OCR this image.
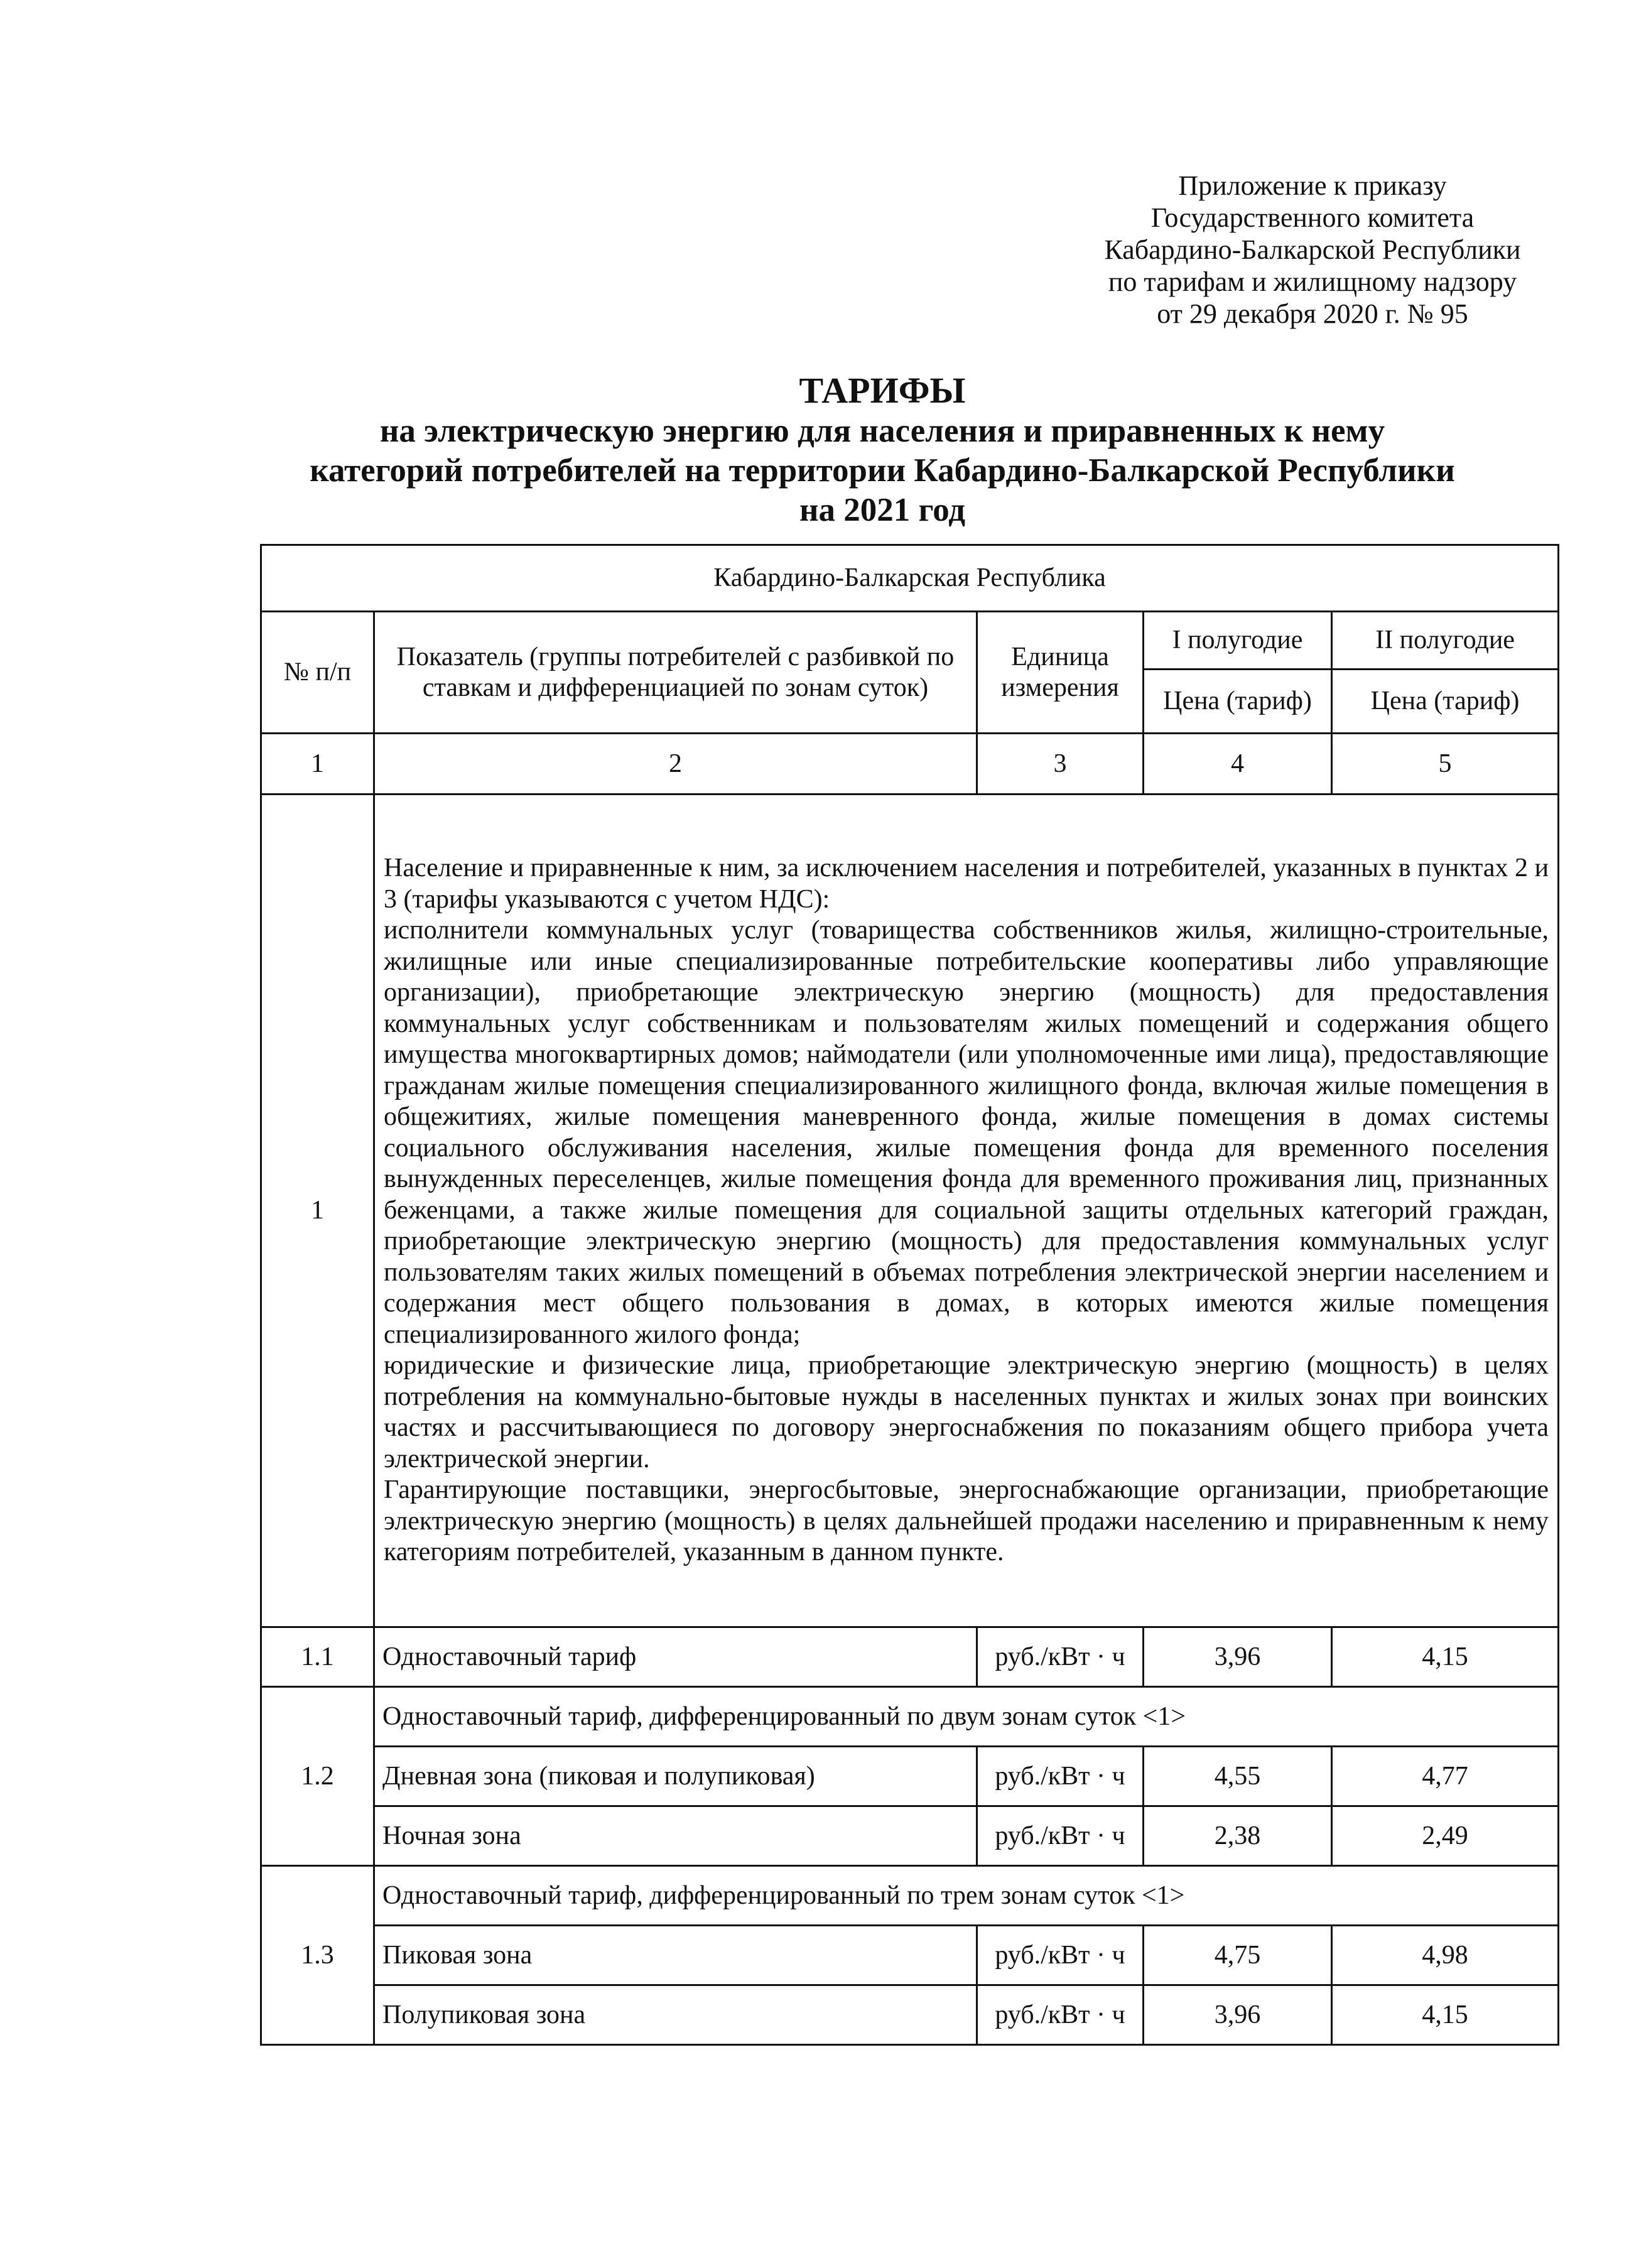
Приложение к приказу
Государственного комитета
Кабардино-Балкарской Республики
по тарифам и жилищному надзору
от 29 декабря 2020 г. № 95
ТАРИФЫ
на электрическую энергию для населения и приравненных к нему
категорий потребителей на территории Кабардино-Балкарской Республики
на 2021 год
Кабардино-Балкарская Республика				
№ п/п	Показатель (группы потребителей с разбивкой по ставкам и дифференциацией по зонам суток)	Единица измерения	I полугодие	II полугодие
			Цена (тариф)	Цена (тариф)
1	2	3	4	5
1	Население и приравненные к ним, за исключением населения и потребителей, указанных в пунктах 2 и 3 (тарифы указываются с учетом НДС):
исполнители коммунальных услуг (товарищества собственников жилья, жилищно-строительные, жилищные или иные специализированные потребительские кооперативы либо управляющие организации), приобретающие электрическую энергию (мощность) для предоставления коммунальных услуг собственникам и пользователям жилых помещений и содержания общего имущества многоквартирных домов; наймодатели (или уполномоченные ими лица), предоставляющие гражданам жилые помещения специализированного жилищного фонда, включая жилые помещения в общежитиях, жилые помещения маневренного фонда, жилые помещения в домах системы социального обслуживания населения, жилые помещения фонда для временного поселения вынужденных переселенцев, жилые помещения фонда для временного проживания лиц, признанных беженцами, а также жилые помещения для социальной защиты отдельных категорий граждан, приобретающие электрическую энергию (мощность) для предоставления коммунальных услуг пользователям таких жилых помещений в объемах потребления электрической энергии населением и содержания мест общего пользования в домах, в которых имеются жилые помещения специализированного жилого фонда;
юридические и физические лица, приобретающие электрическую энергию (мощность) в целях потребления на коммунально-бытовые нужды в населенных пунктах и жилых зонах при воинских частях и рассчитывающиеся по договору энергоснабжения по показаниям общего прибора учета электрической энергии.
Гарантирующие поставщики, энергосбытовые, энергоснабжающие организации, приобретающие электрическую энергию (мощность) в целях дальнейшей продажи населению и приравненным к нему категориям потребителей, указанным в данном пункте.			

1.1	Одноставочный тариф	руб./кВт · ч	3,96	4,15
1.2	Одноставочный тариф, дифференцированный по двум зонам суток <1>			
	Дневная зона (пиковая и полупиковая)	руб./кВт · ч	4,55	4,77
	Ночная зона	руб./кВт · ч	2,38	2,49
1.3	Одноставочный тариф, дифференцированный по трем зонам суток <1>			
	Пиковая зона	руб./кВт · ч	4,75	4,98
	Полупиковая зона	руб./кВт · ч	3,96	4,15
